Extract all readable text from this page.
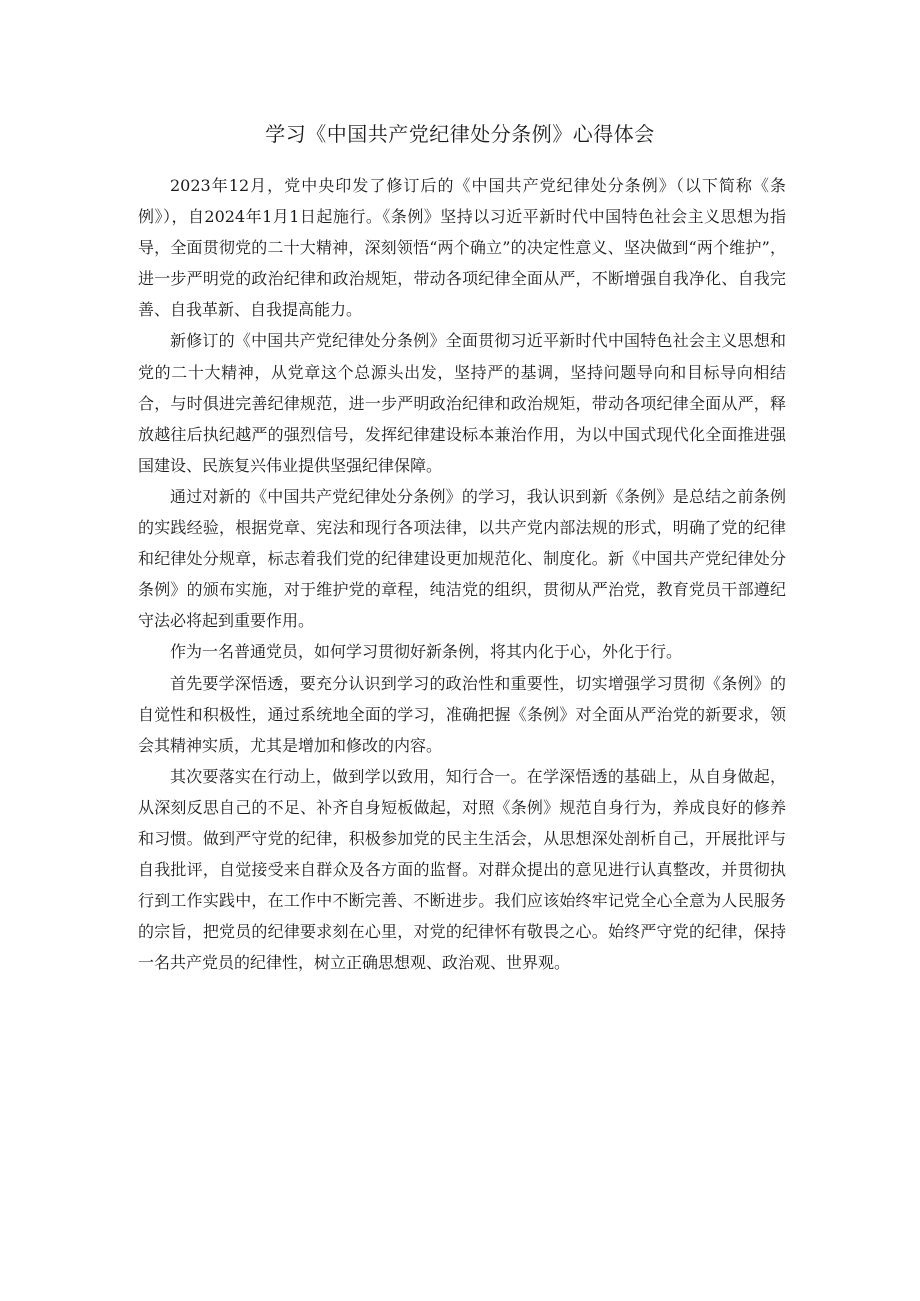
学习《中国共产党纪律处分条例》心得体会

2023年12月，党中央印发了修订后的《中国共产党纪律处分条例》（以下简称《条例》），自2024年1月1日起施行。《条例》坚持以习近平新时代中国特色社会主义思想为指导，全面贯彻党的二十大精神，深刻领悟“两个确立”的决定性意义、坚决做到“两个维护”，进一步严明党的政治纪律和政治规矩，带动各项纪律全面从严，不断增强自我净化、自我完善、自我革新、自我提高能力。

新修订的《中国共产党纪律处分条例》全面贯彻习近平新时代中国特色社会主义思想和党的二十大精神，从党章这个总源头出发，坚持严的基调，坚持问题导向和目标导向相结合，与时俱进完善纪律规范，进一步严明政治纪律和政治规矩，带动各项纪律全面从严，释放越往后执纪越严的强烈信号，发挥纪律建设标本兼治作用，为以中国式现代化全面推进强国建设、民族复兴伟业提供坚强纪律保障。

通过对新的《中国共产党纪律处分条例》的学习，我认识到新《条例》是总结之前条例的实践经验，根据党章、宪法和现行各项法律，以共产党内部法规的形式，明确了党的纪律和纪律处分规章，标志着我们党的纪律建设更加规范化、制度化。新《中国共产党纪律处分条例》的颁布实施，对于维护党的章程，纯洁党的组织，贯彻从严治党，教育党员干部遵纪守法必将起到重要作用。

作为一名普通党员，如何学习贯彻好新条例，将其内化于心，外化于行。

首先要学深悟透，要充分认识到学习的政治性和重要性，切实增强学习贯彻《条例》的自觉性和积极性，通过系统地全面的学习，准确把握《条例》对全面从严治党的新要求，领会其精神实质，尤其是增加和修改的内容。

其次要落实在行动上，做到学以致用，知行合一。在学深悟透的基础上，从自身做起，从深刻反思自己的不足、补齐自身短板做起，对照《条例》规范自身行为，养成良好的修养和习惯。做到严守党的纪律，积极参加党的民主生活会，从思想深处剖析自己，开展批评与自我批评，自觉接受来自群众及各方面的监督。对群众提出的意见进行认真整改，并贯彻执行到工作实践中，在工作中不断完善、不断进步。我们应该始终牢记党全心全意为人民服务的宗旨，把党员的纪律要求刻在心里，对党的纪律怀有敬畏之心。始终严守党的纪律，保持一名共产党员的纪律性，树立正确思想观、政治观、世界观。
